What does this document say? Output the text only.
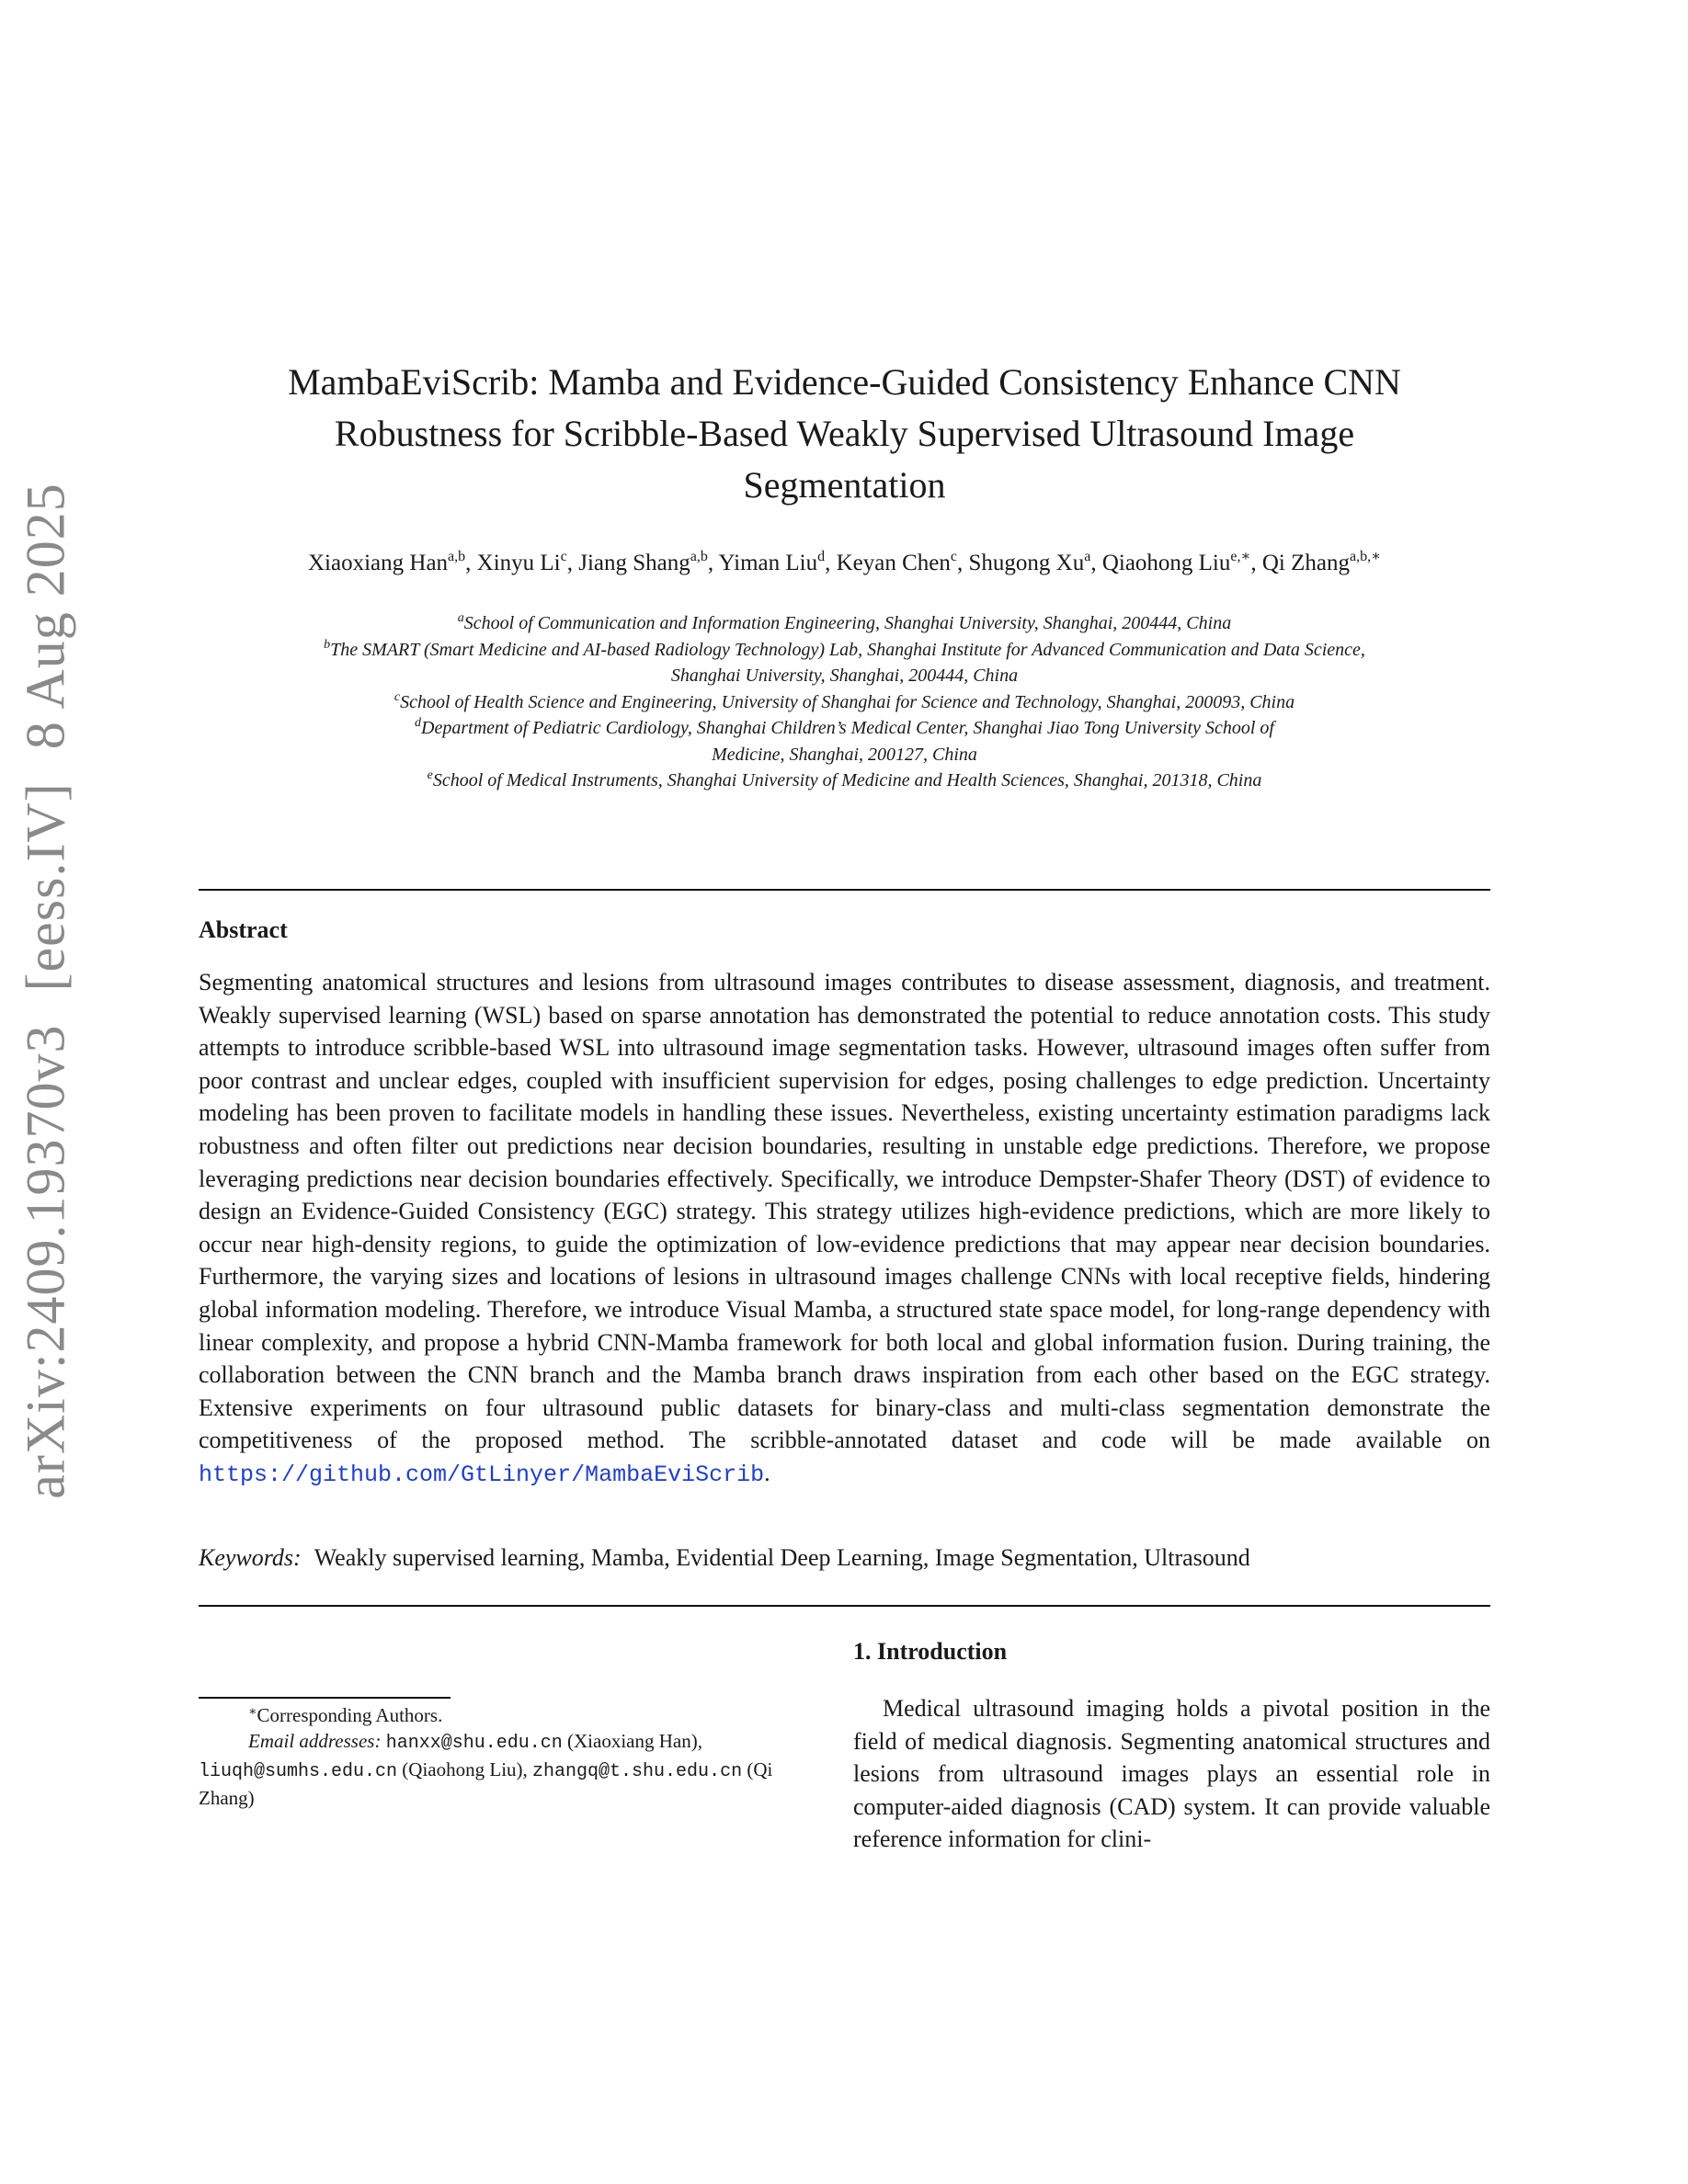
arXiv:2409.19370v3[eess.IV]8 Aug 2025
MambaEviScrib: Mamba and Evidence-Guided Consistency Enhance CNN
Robustness for Scribble-Based Weakly Supervised Ultrasound Image
Segmentation
Xiaoxiang Han$^{a,b}$, Xinyu Li$^c$, Jiang Shang$^{a,b}$, Yiman Liu$^d$, Keyan Chen$^c$, Shugong Xu$^a$, Qiaohong Liu$^{e,∗}$, Qi Zhang$^{a,b,∗}$
$^a$School of Communication and Information Engineering, Shanghai University, Shanghai, 200444, China
$^b$The SMART (Smart Medicine and AI-based Radiology Technology) Lab, Shanghai Institute for Advanced Communication and Data Science,
Shanghai University, Shanghai, 200444, China
$^c$School of Health Science and Engineering, University of Shanghai for Science and Technology, Shanghai, 200093, China
$^d$Department of Pediatric Cardiology, Shanghai Children’s Medical Center, Shanghai Jiao Tong University School of
Medicine, Shanghai, 200127, China
$^e$School of Medical Instruments, Shanghai University of Medicine and Health Sciences, Shanghai, 201318, China
Abstract
Segmenting anatomical structures and lesions from ultrasound images contributes to disease assessment, diagnosis, and treatment. Weakly supervised learning (WSL) based on sparse annotation has demonstrated the potential to reduce annotation costs. This study attempts to introduce scribble-based WSL into ultrasound image segmentation tasks. However, ultrasound images often suffer from poor contrast and unclear edges, coupled with insufficient supervision for edges, posing challenges to edge prediction. Uncertainty modeling has been proven to facilitate models in handling these issues. Nevertheless, existing uncertainty estimation paradigms lack robustness and often filter out predictions near decision boundaries, resulting in unstable edge predictions. Therefore, we propose leveraging predictions near decision boundaries effectively. Specifically, we introduce Dempster-Shafer Theory (DST) of evidence to design an Evidence-Guided Consistency (EGC) strategy. This strategy utilizes high-evidence predictions, which are more likely to occur near high-density regions, to guide the optimization of low-evidence predictions that may appear near decision boundaries. Furthermore, the varying sizes and locations of lesions in ultrasound images challenge CNNs with local receptive fields, hindering global information modeling. Therefore, we introduce Visual Mamba, a structured state space model, for long-range dependency with linear complexity, and propose a hybrid CNN-Mamba framework for both local and global information fusion. During training, the collaboration between the CNN branch and the Mamba branch draws inspiration from each other based on the EGC strategy. Extensive experiments on four ultrasound public datasets for binary-class and multi-class segmentation demonstrate the competitiveness of the proposed method. The scribble-annotated dataset and code will be made available on https://github.com/GtLinyer/MambaEviScrib.
Keywords: Weakly supervised learning, Mamba, Evidential Deep Learning, Image Segmentation, Ultrasound

∗Corresponding Authors.

Email addresses: hanxx@shu.edu.cn (Xiaoxiang Han), liuqh@sumhs.edu.cn (Qiaohong Liu), zhangq@t.shu.edu.cn (Qi Zhang)

1. Introduction
Medical ultrasound imaging holds a pivotal position in the field of medical diagnosis. Segmenting anatomical structures and lesions from ultrasound images plays an essential role in computer-aided diagnosis (CAD) system. It can provide valuable reference information for clini-
